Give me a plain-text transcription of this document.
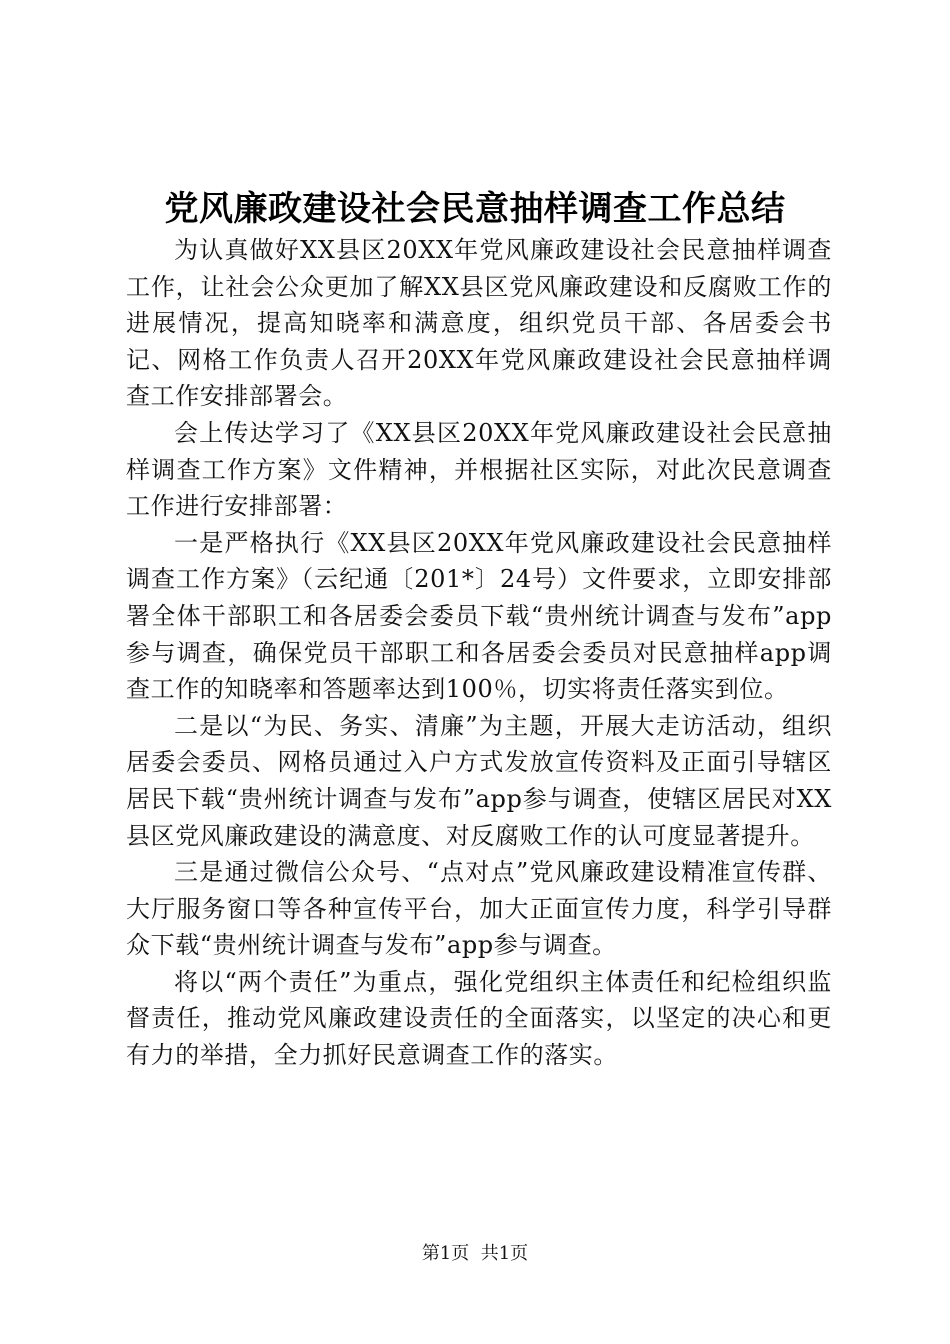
党风廉政建设社会民意抽样调查工作总结

为认真做好XX县区20XX年党风廉政建设社会民意抽样调查工作，让社会公众更加了解XX县区党风廉政建设和反腐败工作的进展情况，提高知晓率和满意度，组织党员干部、各居委会书记、网格工作负责人召开20XX年党风廉政建设社会民意抽样调查工作安排部署会。

会上传达学习了《XX县区20XX年党风廉政建设社会民意抽样调查工作方案》文件精神，并根据社区实际，对此次民意调查工作进行安排部署：

一是严格执行《XX县区20XX年党风廉政建设社会民意抽样调查工作方案》（云纪通〔201*〕24号）文件要求，立即安排部署全体干部职工和各居委会委员下载“贵州统计调查与发布”app参与调查，确保党员干部职工和各居委会委员对民意抽样app调查工作的知晓率和答题率达到100％，切实将责任落实到位。

二是以“为民、务实、清廉”为主题，开展大走访活动，组织居委会委员、网格员通过入户方式发放宣传资料及正面引导辖区居民下载“贵州统计调查与发布”app参与调查，使辖区居民对XX县区党风廉政建设的满意度、对反腐败工作的认可度显著提升。

三是通过微信公众号、“点对点”党风廉政建设精准宣传群、大厅服务窗口等各种宣传平台，加大正面宣传力度，科学引导群众下载“贵州统计调查与发布”app参与调查。

将以“两个责任”为重点，强化党组织主体责任和纪检组织监督责任，推动党风廉政建设责任的全面落实，以坚定的决心和更有力的举措，全力抓好民意调查工作的落实。

第1页  共1页
